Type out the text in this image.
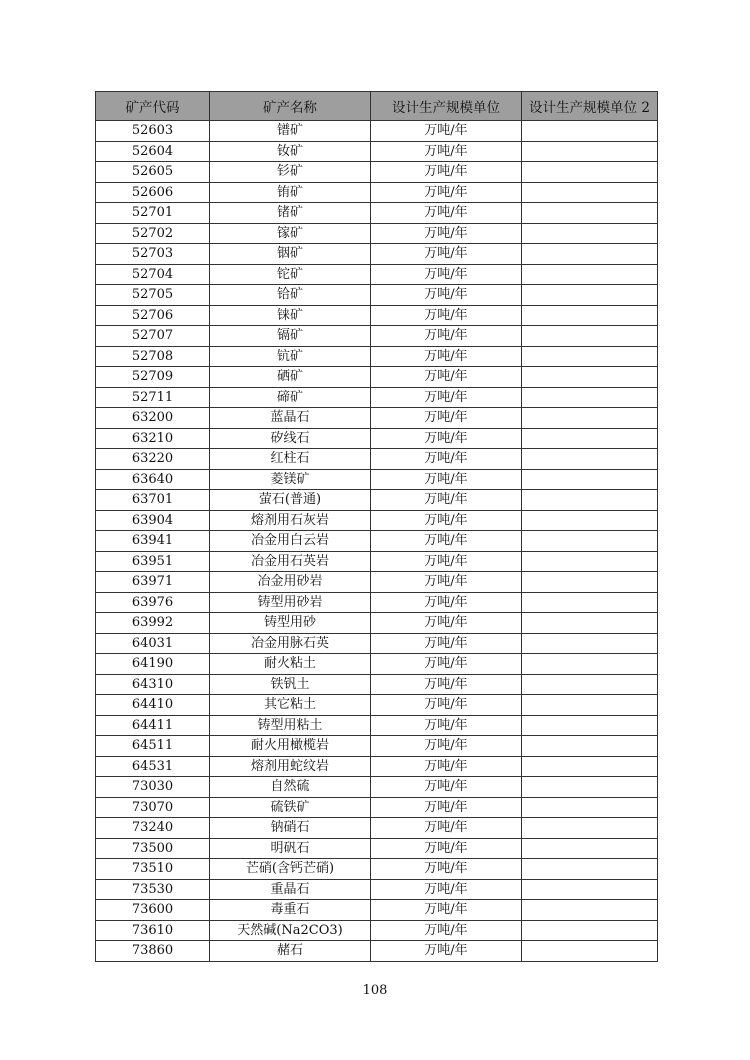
矿产代码	矿产名称	设计生产规模单位	设计生产规模单位 2
52603	镨矿	万吨/年	
52604	钕矿	万吨/年	
52605	钐矿	万吨/年	
52606	铕矿	万吨/年	
52701	锗矿	万吨/年	
52702	镓矿	万吨/年	
52703	铟矿	万吨/年	
52704	铊矿	万吨/年	
52705	铪矿	万吨/年	
52706	铼矿	万吨/年	
52707	镉矿	万吨/年	
52708	钪矿	万吨/年	
52709	硒矿	万吨/年	
52711	碲矿	万吨/年	
63200	蓝晶石	万吨/年	
63210	矽线石	万吨/年	
63220	红柱石	万吨/年	
63640	菱镁矿	万吨/年	
63701	萤石(普通)	万吨/年	
63904	熔剂用石灰岩	万吨/年	
63941	冶金用白云岩	万吨/年	
63951	冶金用石英岩	万吨/年	
63971	冶金用砂岩	万吨/年	
63976	铸型用砂岩	万吨/年	
63992	铸型用砂	万吨/年	
64031	冶金用脉石英	万吨/年	
64190	耐火粘土	万吨/年	
64310	铁钒土	万吨/年	
64410	其它粘土	万吨/年	
64411	铸型用粘土	万吨/年	
64511	耐火用橄榄岩	万吨/年	
64531	熔剂用蛇纹岩	万吨/年	
73030	自然硫	万吨/年	
73070	硫铁矿	万吨/年	
73240	钠硝石	万吨/年	
73500	明矾石	万吨/年	
73510	芒硝(含钙芒硝)	万吨/年	
73530	重晶石	万吨/年	
73600	毒重石	万吨/年	
73610	天然碱(Na2CO3)	万吨/年	
73860	赭石	万吨/年	
108
